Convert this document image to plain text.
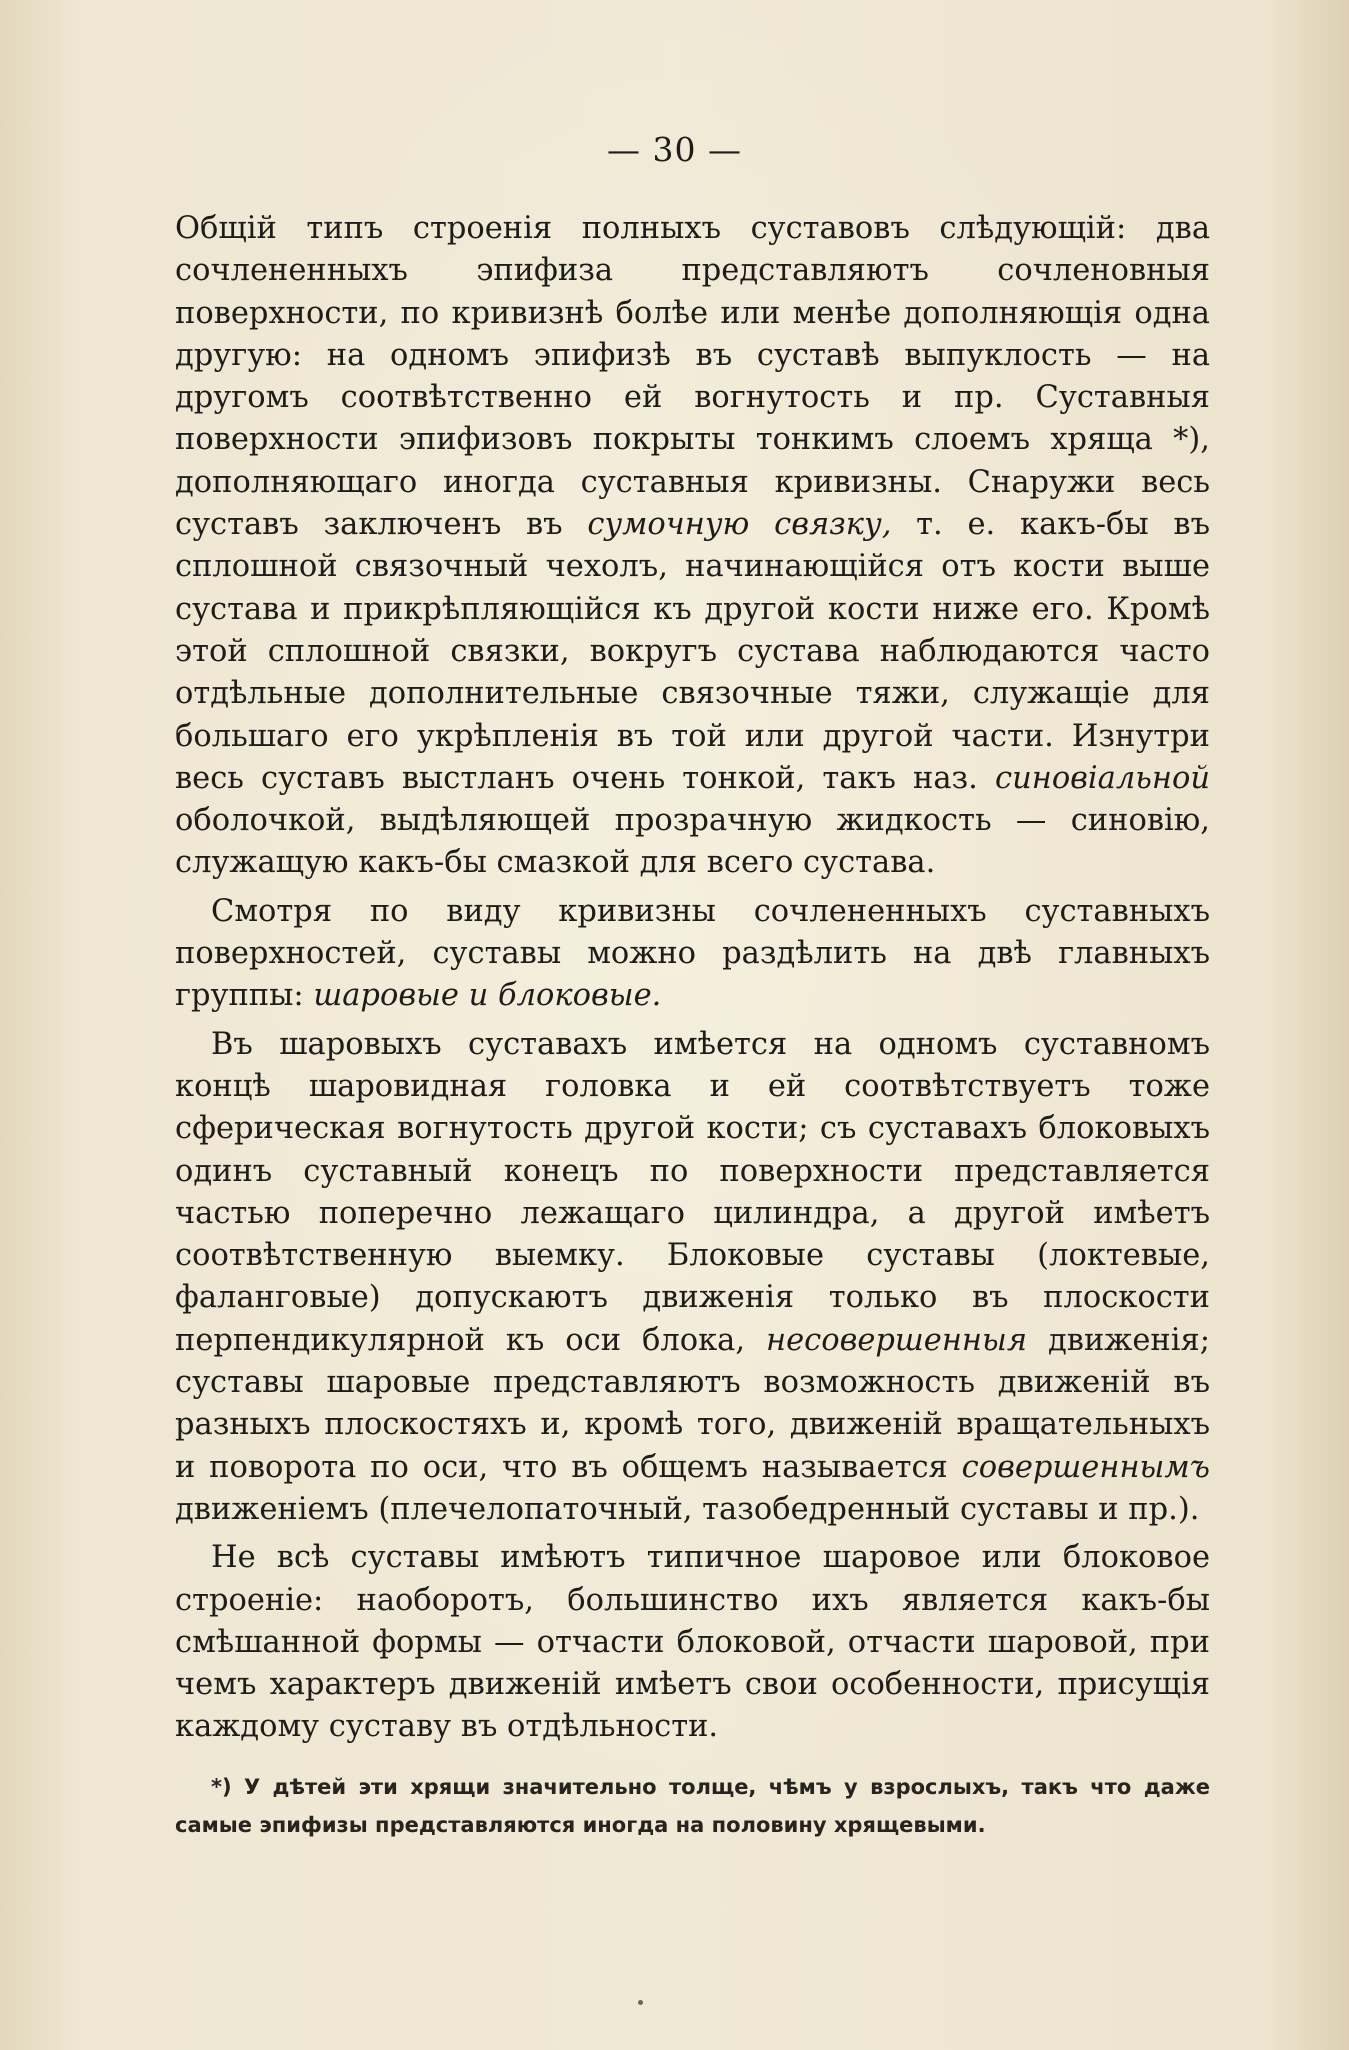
— 30 —

Общій типъ строенія полныхъ суставовъ слѣдующій: два сочлененныхъ эпифиза представляютъ сочленовныя поверхности, по кривизнѣ болѣе или менѣе дополняющія одна другую: на одномъ эпифизѣ въ суставѣ выпуклость — на другомъ соотвѣтственно ей вогнутость и пр. Суставныя поверхности эпифизовъ покрыты тонкимъ слоемъ хряща *), дополняющаго иногда суставныя кривизны. Снаружи весь суставъ заключенъ въ сумочную связку, т. е. какъ-бы въ сплошной связочный чехолъ, начинающійся отъ кости выше сустава и прикрѣпляющійся къ другой кости ниже его. Кромѣ этой сплошной связки, вокругъ сустава наблюдаются часто отдѣльные дополнительные связочные тяжи, служащіе для большаго его укрѣпленія въ той или другой части. Изнутри весь суставъ выстланъ очень тонкой, такъ наз. синовіальной оболочкой, выдѣляющей прозрачную жидкость — синовію, служащую какъ-бы смазкой для всего сустава.

Смотря по виду кривизны сочлененныхъ суставныхъ поверхностей, суставы можно раздѣлить на двѣ главныхъ группы: шаровые и блоковые.

Въ шаровыхъ суставахъ имѣется на одномъ суставномъ концѣ шаровидная головка и ей соотвѣтствуетъ тоже сферическая вогнутость другой кости; съ суставахъ блоковыхъ одинъ суставный конецъ по поверхности представляется частью поперечно лежащаго цилиндра, а другой имѣетъ соотвѣтственную выемку. Блоковые суставы (локтевые, фаланговые) допускаютъ движенія только въ плоскости перпендикулярной къ оси блока, несовершенныя движенія; суставы шаровые представляютъ возможность движеній въ разныхъ плоскостяхъ и, кромѣ того, движеній вращательныхъ и поворота по оси, что въ общемъ называется совершеннымъ движеніемъ (плечелопаточный, тазобедренный суставы и пр.).

Не всѣ суставы имѣютъ типичное шаровое или блоковое строеніе: наоборотъ, большинство ихъ является какъ-бы смѣшанной формы — отчасти блоковой, отчасти шаровой, при чемъ характеръ движеній имѣетъ свои особенности, присущія каждому суставу въ отдѣльности.

*) У дѣтей эти хрящи значительно толще, чѣмъ у взрослыхъ, такъ что даже самые эпифизы представляются иногда на половину хрящевыми.
